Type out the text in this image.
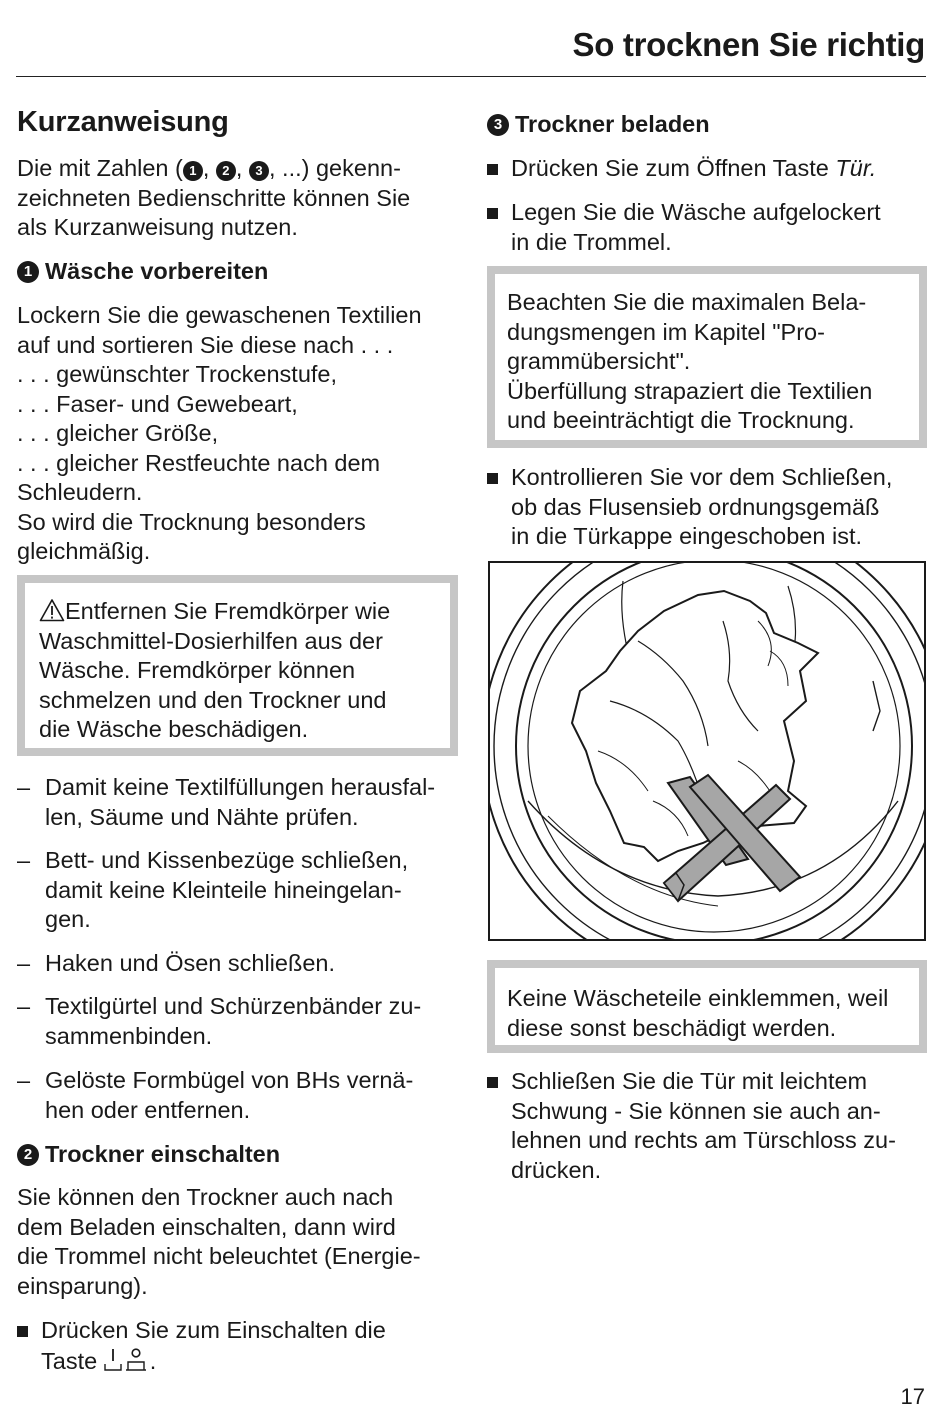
So trocknen Sie richtig
Kurzanweisung

Die mit Zahlen ( 1 , 2 , 3 , ...) gekenn-

zeichneten Bedienschritte können Sie

als Kurzanweisung nutzen.

1 Wäsche vorbereiten

Lockern Sie die gewaschenen Textilien

auf und sortieren Sie diese nach . . .

. . . gewünschter Trockenstufe,

. . . Faser- und Gewebeart,

. . . gleicher Größe,

. . . gleicher Restfeuchte nach dem

Schleudern.

So wird die Trocknung besonders

gleichmäßig.

Entfernen Sie Fremdkörper wie

Waschmittel-Dosierhilfen aus der

Wäsche. Fremdkörper können

schmelzen und den Trockner und

die Wäsche beschädigen.

– Damit keine Textilfüllungen herausfal-

len, Säume und Nähte prüfen.

– Bett- und Kissenbezüge schließen,

damit keine Kleinteile hineingelan-

gen.

– Haken und Ösen schließen.

– Textilgürtel und Schürzenbänder zu-

sammenbinden.

– Gelöste Formbügel von BHs vernä-

hen oder entfernen.

2 Trockner einschalten

Sie können den Trockner auch nach

dem Beladen einschalten, dann wird

die Trommel nicht beleuchtet (Energie-

einsparung).

Drücken Sie zum Einschalten die

Taste .

3 Trockner beladen

Drücken Sie zum Öffnen Taste Tür.

Legen Sie die Wäsche aufgelockert

in die Trommel.

Beachten Sie die maximalen Bela-

dungsmengen im Kapitel "Pro-

grammübersicht".

Überfüllung strapaziert die Textilien

und beeinträchtigt die Trocknung.

Kontrollieren Sie vor dem Schließen,

ob das Flusensieb ordnungsgemäß

in die Türkappe eingeschoben ist.

Keine Wäscheteile einklemmen, weil

diese sonst beschädigt werden.

Schließen Sie die Tür mit leichtem

Schwung - Sie können sie auch an-

lehnen und rechts am Türschloss zu-

drücken.

17
